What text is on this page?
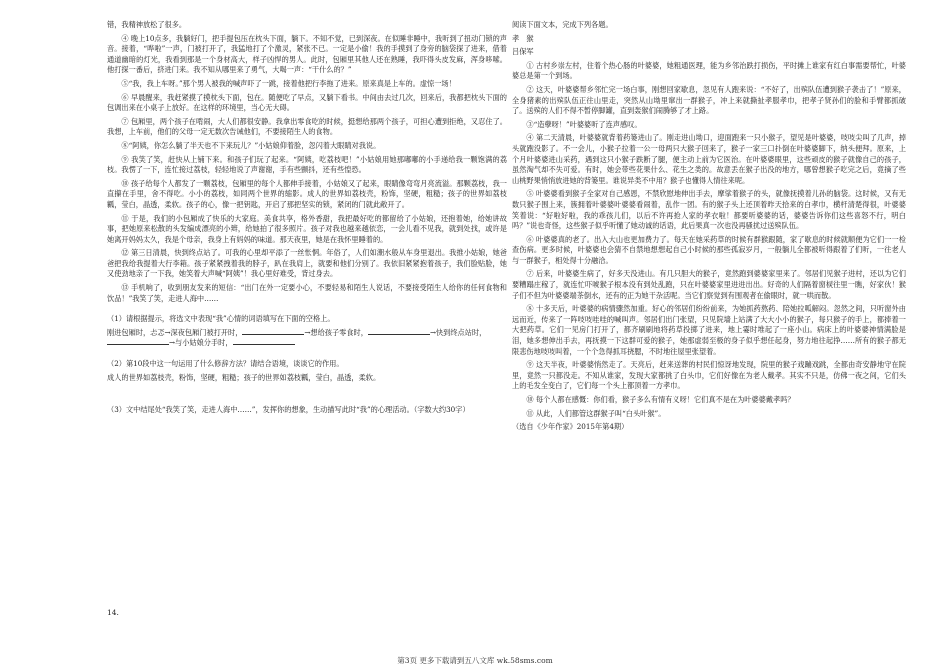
错，我精神放松了很多。

④ 晚上10点多，我躺好门，把手提包压在枕头下面，躺下。不知不觉，已到深夜。在似睡非睡中，我听到了扭动门锁的声音。接着，“哗啦”一声，门被打开了，我猛地打了个激灵，紧张不已。一定是小偷！我的手摸到了身旁的脑袋探了进来，借着通道幽暗的灯光，我看到那是一个身材高大，样子凶悍的男人。此时，包厢里其他人还在熟睡，我吓得头皮发麻，浑身哆嗦。他打探一番后，挤进门来。我不知从哪里来了勇气，大喝一声：“干什么的？”

⑤“我，我上车呀。”那个男人被我的喊声吓了一跳，接着他把行李拖了进来。原来真是上车的。虚惊一场！

⑥ 早晨醒来，我赶紧摸了摸枕头下面，包在。随便吃了早点，又躺下看书。中间由去过几次，回来后，我都把枕头下面的包调出来在小桌子上放好。在这样的环境里，当心无大碍。

⑦ 包厢里，两个孩子在啃闹，大人们都很安静。我拿出零食吃的时候，挺想给那两个孩子，可担心遭到拒绝，又忍住了。我想，上车前，他们的父母一定无数次告诫他们，不要接陌生人的食物。

⑧“阿姨，你怎么躺了半天也不下来玩儿？”小姑娘仰着脸，忽闪着大眼睛对我说。

⑨ 我笑了笑，赶快从上铺下来。和孩子们玩了起来。“阿姨，吃荔枝吧！”小姑娘用她那嘟嘟的小手递给我一颗饱满的荔枝。我愣了一下，连忙接过荔枝，轻轻地说了声谢谢，手有些颤抖，还有些惶恐。

⑩ 孩子给每个人都发了一颗荔枝，包厢里的每个人都伸手接着，小姑娘又了起来，眼睛像弯弯月亮流溢。那颗荔枝，我一直攥在手里，舍不得吃。小小的荔枝，如同两个世界的缩影。成人的世界如荔枝壳，粉饰，坚硬，粗糙；孩子的世界如荔枝瓤，莹白，晶透，柔软。孩子的心，像一把钥匙，开启了那把坚实的锁，紧闭的门就此敞开了。

⑪ 于是，我们的小包厢成了快乐的大家庭。美食共享，格外香甜，我把最好吃的都留给了小姑娘，还抱着她，给她讲故事，把她原来松散的头发编成漂亮的小辫，给她拍了很多照片。孩子对我也越来越依恋，一会儿看不见我，就到处找，或许是她离开妈妈太久，我是个母亲，我身上有妈妈的味道。那天夜里，她是在我怀里睡着的。

⑫ 第三日清晨，快到终点站了。可我的心里却平添了一丝怅惘。年俗了，人们如潮水般从车身里退出。我推小姑娘，她爸爸把我给我提着大行李箱。孩子紧紧拽着我的脖子，趴在我肩上，就要和他们分别了。我依旧紧紧抱着孩子，我们脸贴脸，她又使劲地亲了一下我，她笑着大声喊“阿姨”！我心里好难受，背过身去。

⑬ 手机响了，收到朋友发来的短信：“出门在外一定要小心，不要轻易和陌生人说话，不要接受陌生人给你的任何食物和饮品！”我笑了笑，走进人海中……

（1）请根据提示，将选文中表现“我”心情的词语填写在下面的空格上。

刚进包厢时，忐忑→深夜包厢门被打开时，	→想给孩子零食时，	→快到终点站时，
→与小姑娘分手时，

（2）第10段中这一句运用了什么修辞方法？请结合语境，谈谈它的作用。

成人的世界如荔枝壳，粉饰，坚硬，粗糙；孩子的世界如荔枝瓤，莹白，晶透，柔软。

（3）文中结尾处“我笑了笑，走进人海中……”，发挥你的想象，生动描写此时“我”的心理活动。（字数大约30字）

14.

阅读下面文本，完成下列各题。

孝　猴

吕保军

① 古村乡崇左村，住着个热心肠的叶婆婆，她粗通医理，能为乡邻治跌打损伤，平时摊上谁家有红白事需要帮忙，叶婆婆总是第一个到场。

② 这天，叶婆婆帮乡邻忙完一场白事，刚想回家歇息，忽见有人跑来说：“不好了，出殡队伍遭到猴子袭击了！”原来，全身猪素的出殡队伍正往山里走，突然从山坳里窜出一群猴子，冲上来就撕扯孝服孝巾，把孝子贤孙们的脸和手臂都抓破了。送殡的人们不得不暂停脚罐，直到轰猴们闹腾够了才上路。

③“造孽呀！”叶婆婆听了连声感叹。

④ 第二天清晨，叶婆婆就背着药篓进山了。刚走进山坳口，迎面跑来一只小猴子，望见是叶婆婆，吱吱尖叫了几声，掉头就跑没影了。不一会儿，小猴子拉着一公一母两只大猴子回来了，猴子一家三口扑倒在叶婆婆脚下，纳头便拜。原来，上个月叶婆婆进山采药，遇到这只小猴子跌断了腿，便主动上前为它医治。在叶婆婆眼里，这些顽皮的猴子就像自己的孩子，虽然淘气却不失可爱。有时，她会带些花果什么、花生之类的。故意丢在猴子出没的地方，哪曾想猴子吃完之后，竟摘了些山桃野果悄悄放进她的背篓里。谁说异类不中用？猴子也懂得人情往来呢。

⑤ 叶婆婆看到猴子全家对自己感恩，不禁欣慰地伸出手去，摩挲着猴子的头，就像抚摸着儿孙的脑袋。这时候，又有无数只猴子围上来，簇拥着叶婆婆叶婆婆看闹着，乱作一团。有的猴子头上还顶着昨天拾来的白孝巾，横杆清楚得很，叶婆婆笑着说：“好啦好啦，我的乖孩儿们，以后不许再抢人家的孝衣啦！都要听婆婆的话，婆婆告诉你们这些喜怒不行，明白吗？”说也奇怪，这些猴子似乎听懂了她动诚的话语，此后果真一次也没再骚扰过送殡队伍。

⑥ 叶婆婆真的老了。出入大山也更加费力了。每天在她采药草的时候有群猴跟随，家了歇息的时候就顺便为它们一一检查伤病。更多时候，叶婆婆也会猜不自禁地想想起自己小时候的那些孤寂岁月，一般躺儿全都被听得跟着了们听，一往老人与一群猴子，相处得十分融洽。

⑦ 后来，叶婆婆生病了，好多天没进山。有几只胆大的猴子，竟然跑到婆婆家里来了。邻居们见猴子进村，还以为它们要糟蹋庄稼了，就连忙吓唬猴子根本没有到处乱跑，只在叶婆婆家里进进出出。好奇的人们隔着窗棂往里一瞧，好家伙！猴子们不但为叶婆婆端茶倒水，还有的正为她干杂活呢。当它们察觉到有围观者在偷眼时，就一哄而散。

⑧ 十多天后，叶婆婆的病情骤然加重。好心的邻居们纷纷前来，为她抓药熬药、陪她拉呱解闷。忽然之间，只听窗外由远而近，传来了一阵吱吱哇哇的喊叫声。邻居们出门张望，只见院墙上站满了大大小小的猴子，每只猴子的手上，都捧着一大把药草。它们一见房门打开了，都齐刷刷地将药草投掷了进来，地上霎时堆起了一座小山。病床上的叶婆婆神情满脸是泪，她多想伸出手去，再抚摸一下这群可爱的猴子，她那虚弱至极的身子似乎想任起身，努力地往起挣……所有的猴子都无限悲伤地吱吱叫着，一个个急得抓耳挠腮，不时地往屋里张望着。

⑨ 这天半夜，叶婆婆悄然走了。天亮后，赶来送葬的村民们惊讶地发现，院里的猴子戏蹦戏跳，全都由奇安静地守在院里，竟然一只都没走。不知从谁家，发现大家都挑了白头巾，它们好像在为老人戴孝。其实不只是，仿佛一夜之间，它们头上的毛发全变白了，它们每一个头上都顶着一方孝巾。

⑩ 每个人都在感慨：你们看，猴子多么有情有义呀！它们真不是在为叶婆婆戴孝吗？

⑪ 从此，人们都管这群猴子叫“白头叶猴”。

（选自《少年作家》2015年第4期）

第3页 更多下载请到五八文库 wk.58sms.com
